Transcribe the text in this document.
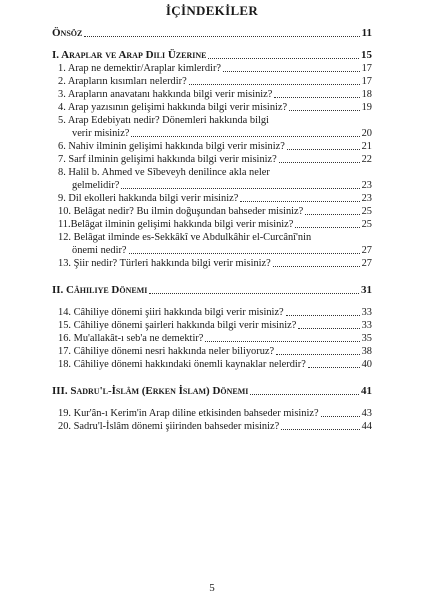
İÇİNDEKİLER
Önsöz	11
I. Araplar ve Arap Dili Üzerine	15
1. Arap ne demektir/Araplar kimlerdir?	17
2. Arapların kısımları nelerdir?	17
3. Arapların anavatanı hakkında bilgi verir misiniz?	18
4. Arap yazısının gelişimi hakkında bilgi verir misiniz?	19
5. Arap Edebiyatı nedir? Dönemleri hakkında bilgi
verir misiniz?	20
6. Nahiv ilminin gelişimi hakkında bilgi verir misiniz?	21
7. Sarf ilminin gelişimi hakkında bilgi verir misiniz?	22
8. Halil b. Ahmed ve Sîbeveyh denilince akla neler
gelmelidir?	23
9. Dil ekolleri hakkında bilgi verir misiniz?	23
10. Belâgat nedir? Bu ilmin doğuşundan bahseder misiniz?	25
11.Belâgat ilminin gelişimi hakkında bilgi verir misiniz?	25
12. Belâgat ilminde es-Sekkâkî ve Abdulkâhir el-Curcânî'nin
önemi nedir?	27
13. Şiir nedir? Türleri hakkında bilgi verir misiniz?	27
II. Câhiliye Dönemi	31
14. Câhiliye dönemi şiiri hakkında bilgi verir misiniz?	33
15. Câhiliye dönemi şairleri hakkında bilgi verir misiniz?	33
16. Mu'allakât-ı seb'a ne demektir?	35
17. Câhiliye dönemi nesri hakkında neler biliyoruz?	38
18. Câhiliye dönemi hakkındaki önemli kaynaklar nelerdir?	40
III. Sadru'l-İslâm (Erken İslam) Dönemi	41
19. Kur'ân-ı Kerim'in Arap diline etkisinden bahseder misiniz?	43
20. Sadru'l-İslâm dönemi şiirinden bahseder misiniz?	44
5
